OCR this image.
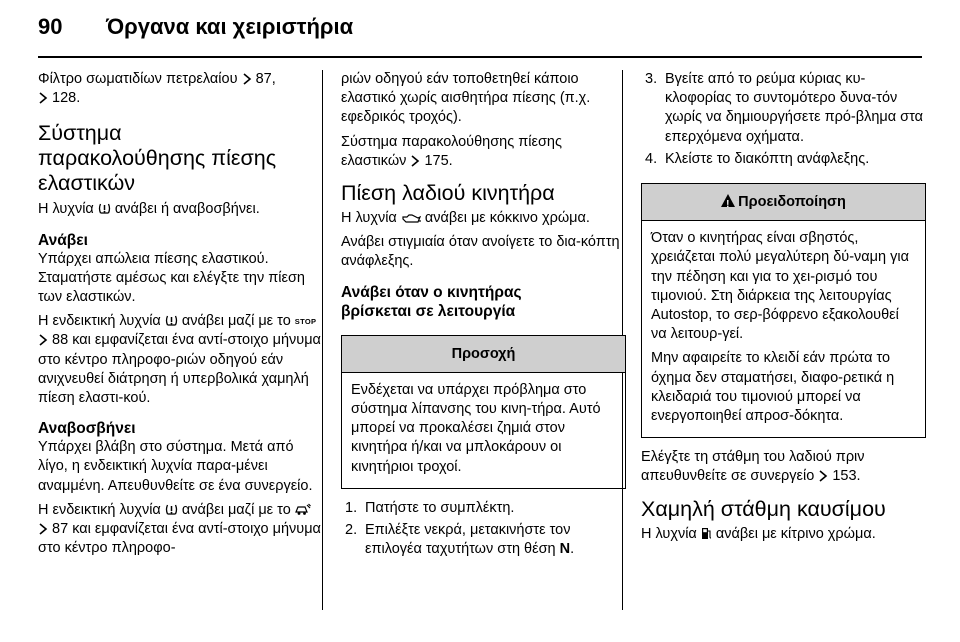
90 Όργανα και χειριστήρια

Φίλτρο σωματιδίων πετρελαίου 87,
128.

Σύστημα
παρακολούθησης πίεσης
ελαστικών

Η λυχνία ανάβει ή αναβοσβήνει.

Ανάβει

Υπάρχει απώλεια πίεσης ελαστικού. Σταματήστε αμέσως και ελέγξτε την πίεση των ελαστικών.

Η ενδεικτική λυχνία ανάβει μαζί με το STOP  88 και εμφανίζεται ένα αντί-στοιχο μήνυμα στο κέντρο πληροφο-ριών οδηγού εάν ανιχνευθεί διάτρηση ή υπερβολικά χαμηλή πίεση ελαστι-κού.

Αναβοσβήνει

Υπάρχει βλάβη στο σύστημα. Μετά από λίγο, η ενδεικτική λυχνία παρα-μένει αναμμένη. Απευθυνθείτε σε ένα συνεργείο.

Η ενδεικτική λυχνία ανάβει μαζί με το   87 και εμφανίζεται ένα αντί-στοιχο μήνυμα στο κέντρο πληροφο-

ριών οδηγού εάν τοποθετηθεί κάποιο ελαστικό χωρίς αισθητήρα πίεσης (π.χ. εφεδρικός τροχός).

Σύστημα παρακολούθησης πίεσης ελαστικών 175.

Πίεση λαδιού κινητήρα

Η λυχνία ανάβει με κόκκινο χρώμα.

Ανάβει στιγμιαία όταν ανοίγετε το δια-κόπτη ανάφλεξης.

Ανάβει όταν ο κινητήρας
βρίσκεται σε λειτουργία
Προσοχή

Ενδέχεται να υπάρχει πρόβλημα στο σύστημα λίπανσης του κινη-τήρα. Αυτό μπορεί να προκαλέσει ζημιά στον κινητήρα ή/και να μπλοκάρουν οι κινητήριοι τροχοί.

1. Πατήστε το συμπλέκτη.
2. Επιλέξτε νεκρά, μετακινήστε τον επιλογέα ταχυτήτων στη θέση N.
3. Βγείτε από το ρεύμα κύριας κυ-κλοφορίας το συντομότερο δυνα-τόν χωρίς να δημιουργήσετε πρό-βλημα στα επερχόμενα οχήματα.
4. Κλείστε το διακόπτη ανάφλεξης.
!Προειδοποίηση

Όταν ο κινητήρας είναι σβηστός, χρειάζεται πολύ μεγαλύτερη δύ-ναμη για την πέδηση και για το χει-ρισμό του τιμονιού. Στη διάρκεια της λειτουργίας Autostop, το σερ-βόφρενο εξακολουθεί να λειτουρ-γεί.

Μην αφαιρείτε το κλειδί εάν πρώτα το όχημα δεν σταματήσει, διαφο-ρετικά η κλειδαριά του τιμονιού μπορεί να ενεργοποιηθεί απροσ-δόκητα.

Ελέγξτε τη στάθμη του λαδιού πριν απευθυνθείτε σε συνεργείο 153.

Χαμηλή στάθμη καυσίμου

Η λυχνία ανάβει με κίτρινο χρώμα.
